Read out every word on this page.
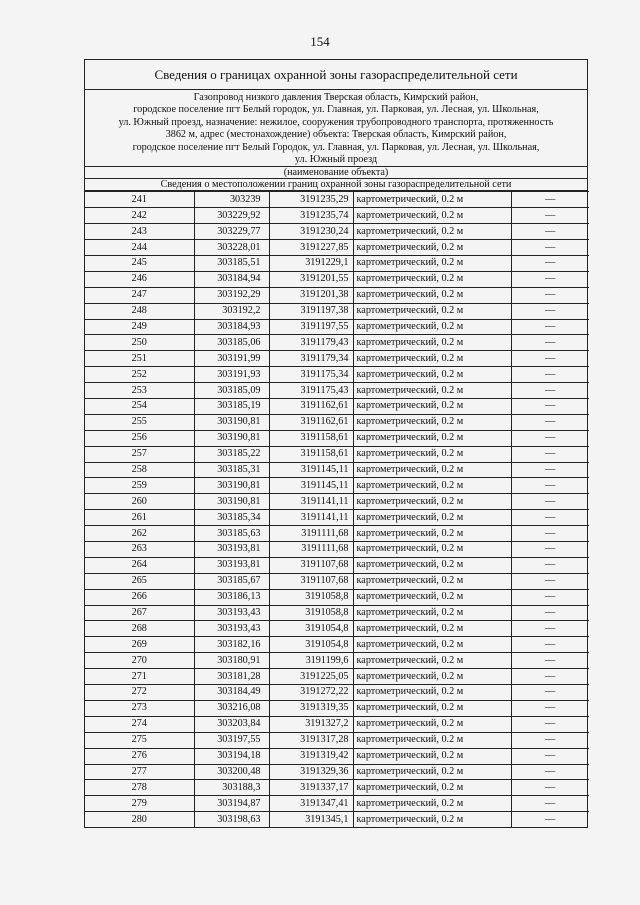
154
Сведения о границах охранной зоны газораспределительной сети
Газопровод низкого давления Тверская область, Кимрский район,
городское поселение пгт Белый городок, ул. Главная, ул. Парковая, ул. Лесная, ул. Школьная,
ул. Южный проезд, назначение: нежилое, сооружения трубопроводного транспорта, протяженность
3862 м, адрес (местонахождение) объекта: Тверская область, Кимрский район,
городское поселение пгт Белый Городок, ул. Главная, ул. Парковая, ул. Лесная, ул. Школьная,
ул. Южный проезд
(наименование объекта)
Сведения о местоположении границ охранной зоны газораспределительной сети
241	303239	3191235,29	картометрический, 0.2 м	—
242	303229,92	3191235,74	картометрический, 0.2 м	—
243	303229,77	3191230,24	картометрический, 0.2 м	—
244	303228,01	3191227,85	картометрический, 0.2 м	—
245	303185,51	3191229,1	картометрический, 0.2 м	—
246	303184,94	3191201,55	картометрический, 0.2 м	—
247	303192,29	3191201,38	картометрический, 0.2 м	—
248	303192,2	3191197,38	картометрический, 0.2 м	—
249	303184,93	3191197,55	картометрический, 0.2 м	—
250	303185,06	3191179,43	картометрический, 0.2 м	—
251	303191,99	3191179,34	картометрический, 0.2 м	—
252	303191,93	3191175,34	картометрический, 0.2 м	—
253	303185,09	3191175,43	картометрический, 0.2 м	—
254	303185,19	3191162,61	картометрический, 0.2 м	—
255	303190,81	3191162,61	картометрический, 0.2 м	—
256	303190,81	3191158,61	картометрический, 0.2 м	—
257	303185,22	3191158,61	картометрический, 0.2 м	—
258	303185,31	3191145,11	картометрический, 0.2 м	—
259	303190,81	3191145,11	картометрический, 0.2 м	—
260	303190,81	3191141,11	картометрический, 0.2 м	—
261	303185,34	3191141,11	картометрический, 0.2 м	—
262	303185,63	3191111,68	картометрический, 0.2 м	—
263	303193,81	3191111,68	картометрический, 0.2 м	—
264	303193,81	3191107,68	картометрический, 0.2 м	—
265	303185,67	3191107,68	картометрический, 0.2 м	—
266	303186,13	3191058,8	картометрический, 0.2 м	—
267	303193,43	3191058,8	картометрический, 0.2 м	—
268	303193,43	3191054,8	картометрический, 0.2 м	—
269	303182,16	3191054,8	картометрический, 0.2 м	—
270	303180,91	3191199,6	картометрический, 0.2 м	—
271	303181,28	3191225,05	картометрический, 0.2 м	—
272	303184,49	3191272,22	картометрический, 0.2 м	—
273	303216,08	3191319,35	картометрический, 0.2 м	—
274	303203,84	3191327,2	картометрический, 0.2 м	—
275	303197,55	3191317,28	картометрический, 0.2 м	—
276	303194,18	3191319,42	картометрический, 0.2 м	—
277	303200,48	3191329,36	картометрический, 0.2 м	—
278	303188,3	3191337,17	картометрический, 0.2 м	—
279	303194,87	3191347,41	картометрический, 0.2 м	—
280	303198,63	3191345,1	картометрический, 0.2 м	—
